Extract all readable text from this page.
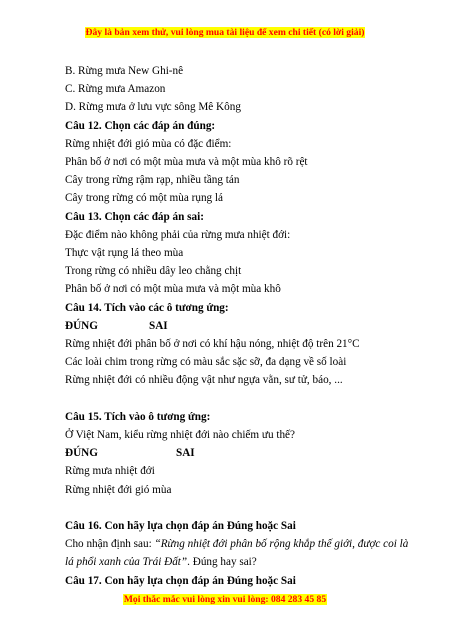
Đây là bản xem thử, vui lòng mua tài liệu để xem chi tiết (có lời giải)
B. Rừng mưa New Ghi-nê
C. Rừng mưa Amazon
D. Rừng mưa ở lưu vực sông Mê Kông
Câu 12. Chọn các đáp án đúng:
Rừng nhiệt đới gió mùa có đặc điểm:
Phân bố ở nơi có một mùa mưa và một mùa khô rõ rệt
Cây trong rừng rậm rạp, nhiều tầng tán
Cây trong rừng có một mùa rụng lá
Câu 13. Chọn các đáp án sai:
Đặc điểm nào không phải của rừng mưa nhiệt đới:
Thực vật rụng lá theo mùa
Trong rừng có nhiều dây leo chằng chịt
Phân bố ở nơi có một mùa mưa và một mùa khô
Câu 14. Tích vào các ô tương ứng:
ĐÚNG	SAI
Rừng nhiệt đới phân bố ở nơi có khí hậu nóng, nhiệt độ trên 21°C
Các loài chim trong rừng có màu sắc sặc sỡ, đa dạng về số loài
Rừng nhiệt đới có nhiều động vật như ngựa vằn, sư tử, báo, ...
Câu 15. Tích vào ô tương ứng:
Ở Việt Nam, kiểu rừng nhiệt đới nào chiếm ưu thế?
ĐÚNG	SAI
Rừng mưa nhiệt đới
Rừng nhiệt đới gió mùa
Câu 16. Con hãy lựa chọn đáp án Đúng hoặc Sai
Cho nhận định sau: “Rừng nhiệt đới phân bố rộng khắp thế giới, được coi là lá phổi xanh của Trái Đất”. Đúng hay sai?
Câu 17. Con hãy lựa chọn đáp án Đúng hoặc Sai
Mọi thắc mắc vui lòng xin vui lòng: 084 283 45 85
